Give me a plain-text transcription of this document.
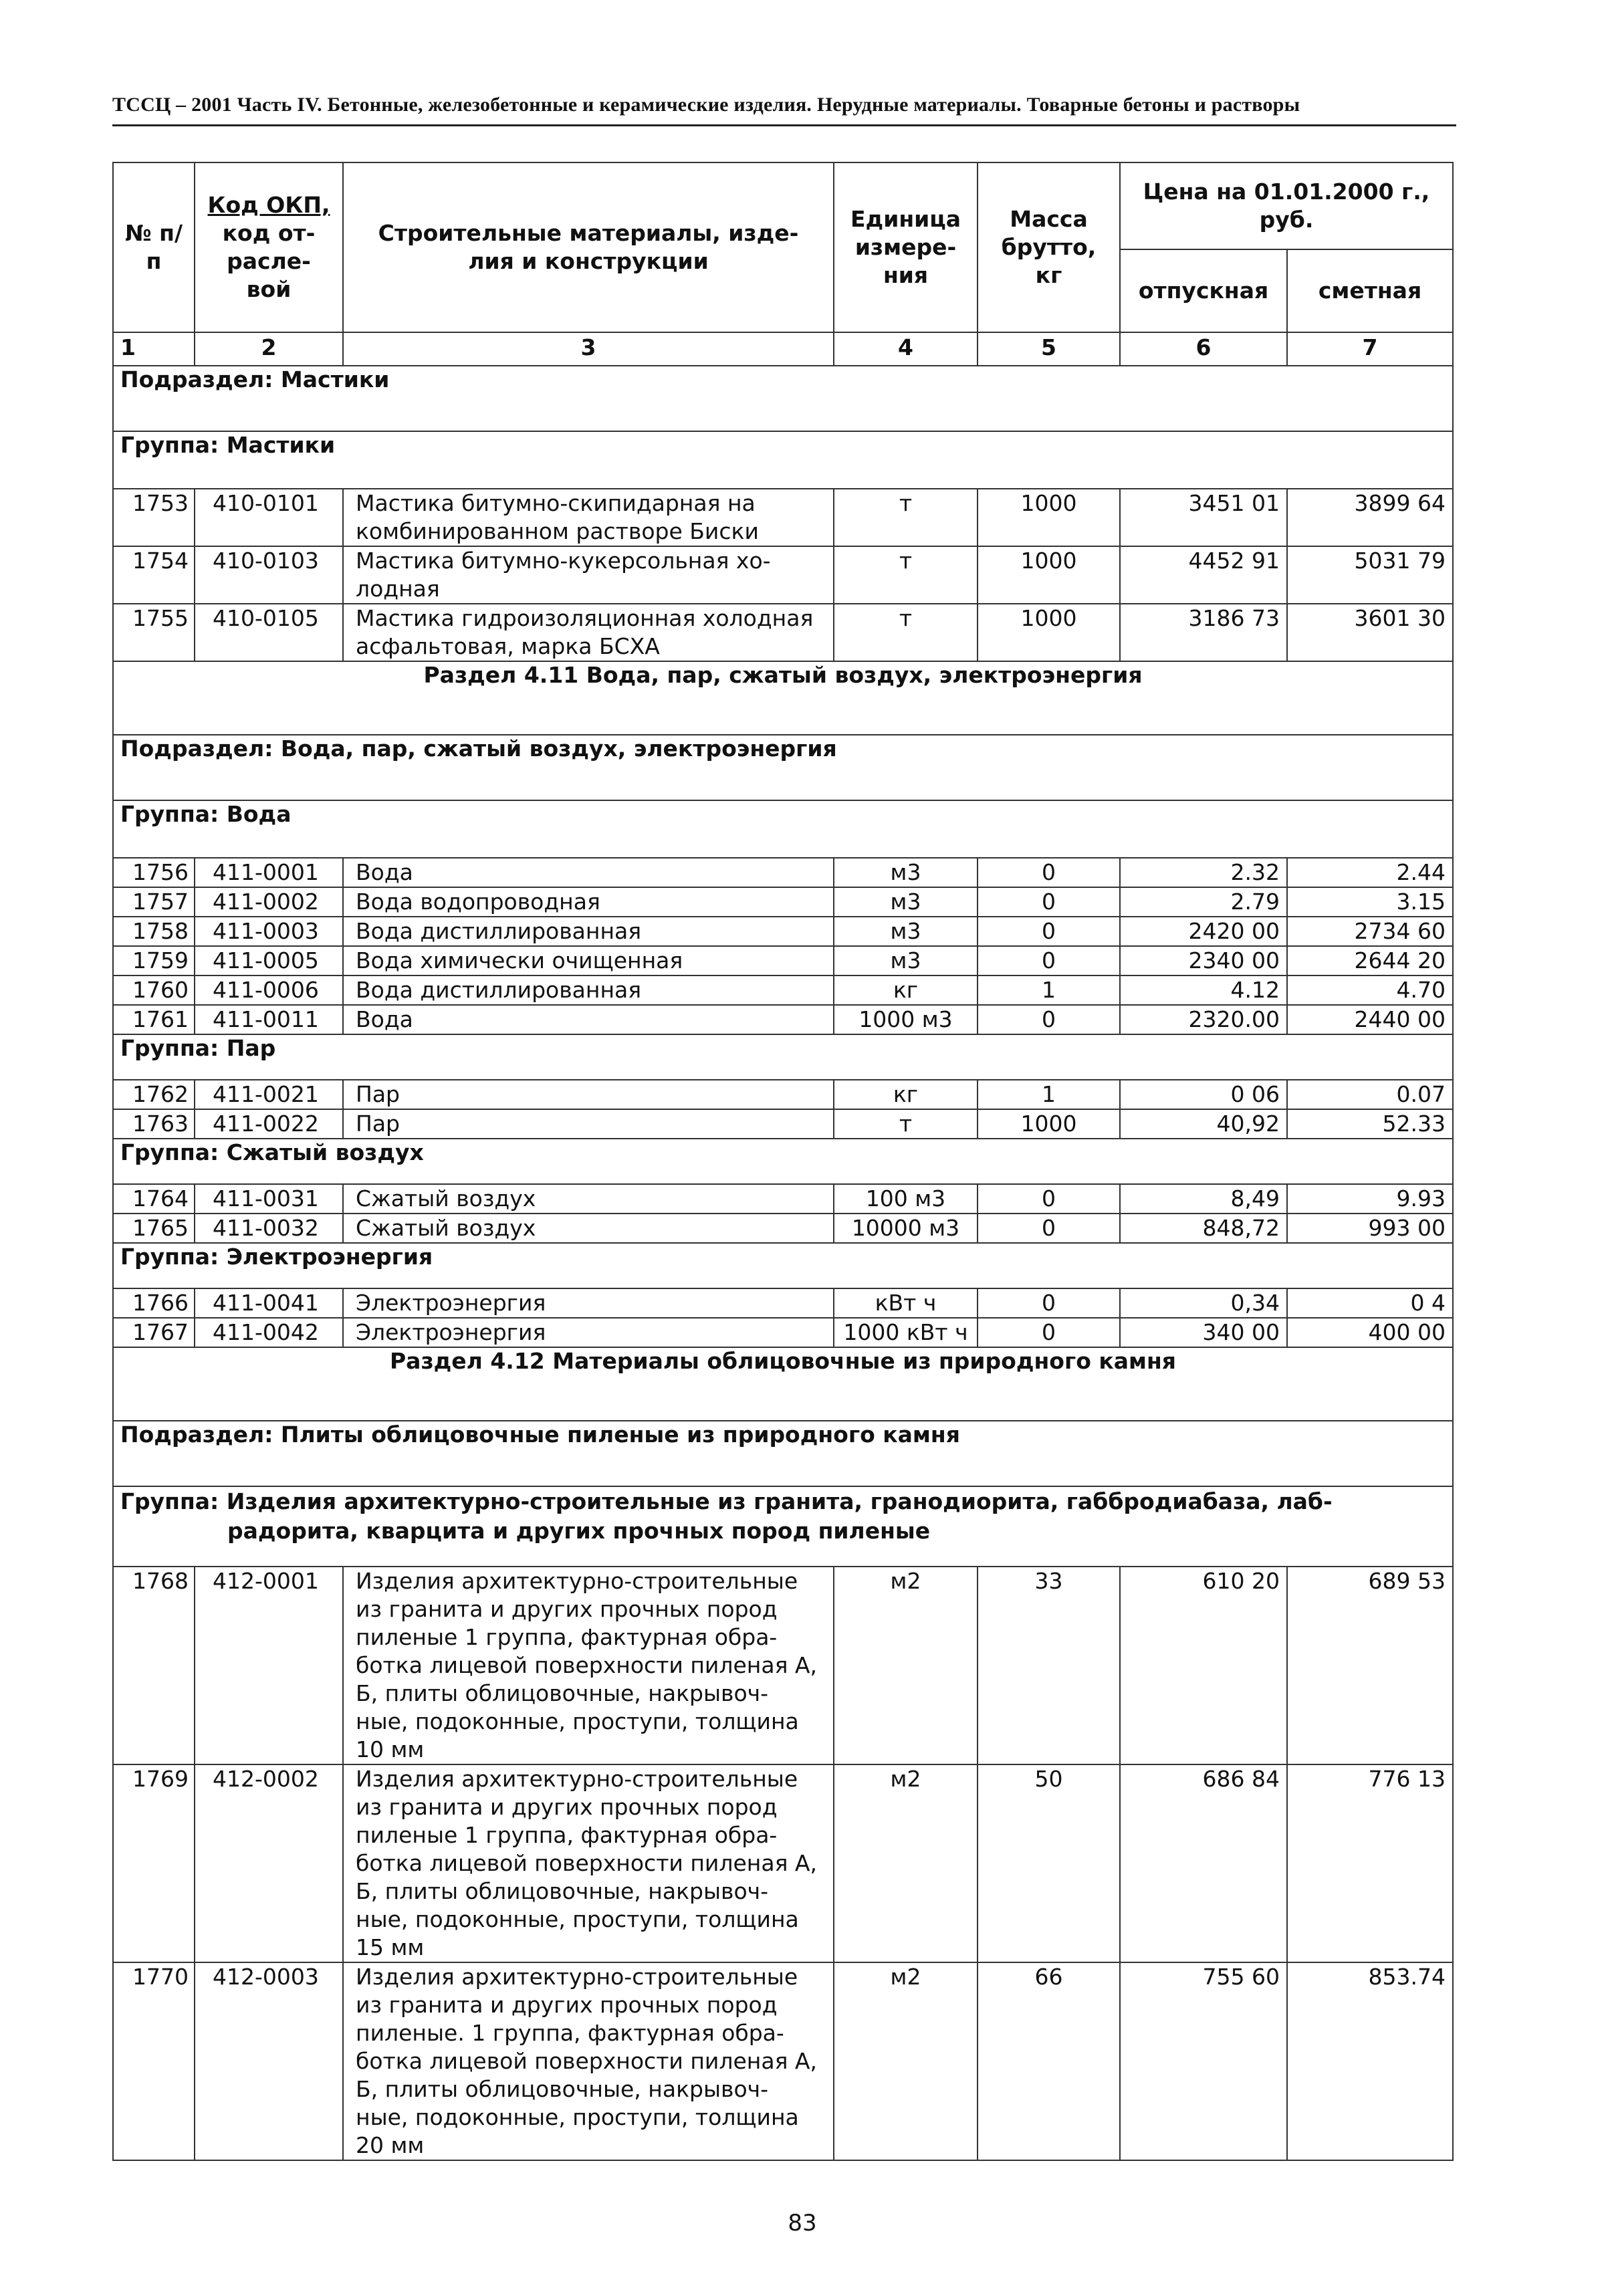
ТССЦ – 2001 Часть IV. Бетонные, железобетонные и керамические изделия. Нерудные материалы. Товарные бетоны и растворы
№ п/п	Код ОКП, код от- расле- вой	Строительные материалы, изде- лия и конструкции	Единица измере- ния	Масса брутто, кг	Цена на 01.01.2000 г., руб.	
					отпускная	сметная
1	2	3	4	5	6	7
Подраздел: Мастики						
Группа: Мастики						
1753	410-0101	Мастика битумно-скипидарная на комбинированном растворе Биски	т	1000	3451 01	3899 64
1754	410-0103	Мастика битумно-кукерсольная хо- лодная	т	1000	4452 91	5031 79
1755	410-0105	Мастика гидроизоляционная холодная асфальтовая, марка БСХА	т	1000	3186 73	3601 30
Раздел 4.11 Вода, пар, сжатый воздух, электроэнергия						
Подраздел: Вода, пар, сжатый воздух, электроэнергия						
Группа: Вода						
1756	411-0001	Вода	м3	0	2.32	2.44
1757	411-0002	Вода водопроводная	м3	0	2.79	3.15
1758	411-0003	Вода дистиллированная	м3	0	2420 00	2734 60
1759	411-0005	Вода химически очищенная	м3	0	2340 00	2644 20
1760	411-0006	Вода дистиллированная	кг	1	4.12	4.70
1761	411-0011	Вода	1000 м3	0	2320.00	2440 00
Группа: Пар						
1762	411-0021	Пар	кг	1	0 06	0.07
1763	411-0022	Пар	т	1000	40,92	52.33
Группа: Сжатый воздух						
1764	411-0031	Сжатый воздух	100 м3	0	8,49	9.93
1765	411-0032	Сжатый воздух	10000 м3	0	848,72	993 00
Группа: Электроэнергия						
1766	411-0041	Электроэнергия	кВт ч	0	0,34	0 4
1767	411-0042	Электроэнергия	1000 кВт ч	0	340 00	400 00
Раздел 4.12 Материалы облицовочные из природного камня						
Подраздел: Плиты облицовочные пиленые из природного камня						
Группа: Изделия архитектурно-строительные из гранита, гранодиорита, габбродиабаза, лаб-
радорита, кварцита и других прочных пород пиленые						

1768	412-0001	Изделия архитектурно-строительные из гранита и других прочных пород пиленые 1 группа, фактурная обра- ботка лицевой поверхности пиленая А, Б, плиты облицовочные, накрывоч- ные, подоконные, проступи, толщина 10 мм	м2	33	610 20	689 53
1769	412-0002	Изделия архитектурно-строительные из гранита и других прочных пород пиленые 1 группа, фактурная обра- ботка лицевой поверхности пиленая А, Б, плиты облицовочные, накрывоч- ные, подоконные, проступи, толщина 15 мм	м2	50	686 84	776 13
1770	412-0003	Изделия архитектурно-строительные из гранита и других прочных пород пиленые. 1 группа, фактурная обра- ботка лицевой поверхности пиленая А, Б, плиты облицовочные, накрывоч- ные, подоконные, проступи, толщина 20 мм	м2	66	755 60	853.74
83
